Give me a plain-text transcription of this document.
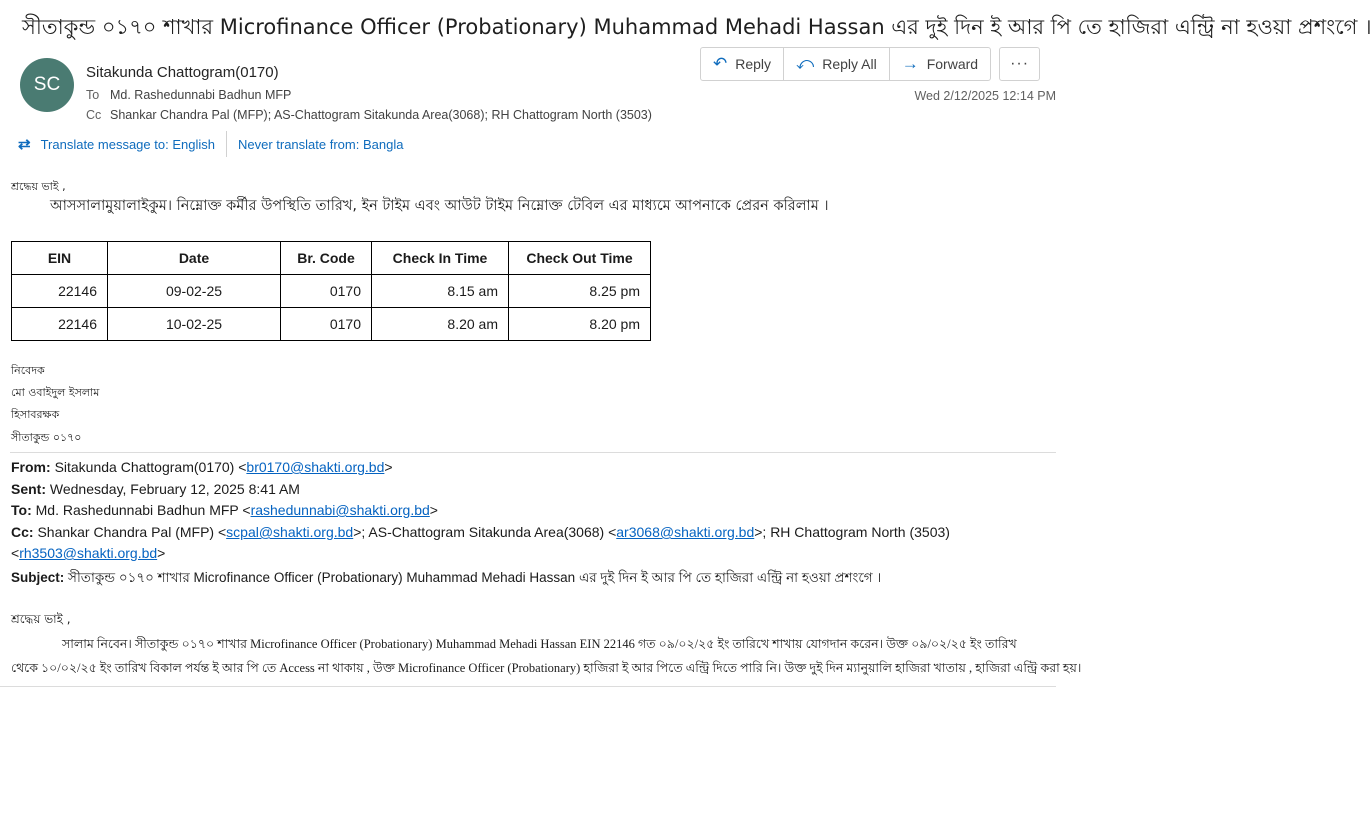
সীতাকুন্ড ০১৭০ শাখার Microfinance Officer (Probationary) Muhammad Mehadi Hassan এর দুই দিন ই আর পি তে হাজিরা এন্ট্রি না হওয়া প্রশংগে ।
SC
Sitakunda Chattogram(0170)
To Md. Rashedunnabi Badhun MFP
Cc Shankar Chandra Pal (MFP); AS-Chattogram Sitakunda Area(3068); RH Chattogram North (3503)
↶ Reply ⤺ Reply All → Forward	···
Wed 2/12/2025 12:14 PM
⇄ Translate message to: English Never translate from: Bangla
শ্রদ্ধেয় ভাই ,
আসসালামুয়ালাইকুম। নিম্নোক্ত কর্মীর উপস্থিতি তারিখ, ইন টাইম এবং আউট টাইম নিম্নোক্ত টেবিল এর মাধ্যমে আপনাকে প্রেরন করিলাম ।
EIN	Date	Br. Code	Check In Time	Check Out Time
22146	09-02-25	0170	8.15 am	8.25 pm
22146	10-02-25	0170	8.20 am	8.20 pm
নিবেদক
মো ওবাইদুল ইসলাম
হিসাবরক্ষক
সীতাকুন্ড ০১৭০
From: Sitakunda Chattogram(0170) <br0170@shakti.org.bd>
Sent: Wednesday, February 12, 2025 8:41 AM
To: Md. Rashedunnabi Badhun MFP <rashedunnabi@shakti.org.bd>
Cc: Shankar Chandra Pal (MFP) <scpal@shakti.org.bd>; AS-Chattogram Sitakunda Area(3068) <ar3068@shakti.org.bd>; RH Chattogram North (3503)
<rh3503@shakti.org.bd>
Subject: সীতাকুন্ড ০১৭০ শাখার Microfinance Officer (Probationary) Muhammad Mehadi Hassan এর দুই দিন ই আর পি তে হাজিরা এন্ট্রি না হওয়া প্রশংগে ।
শ্রদ্ধেয় ভাই ,
সালাম নিবেন। সীতাকুন্ড ০১৭০ শাখার Microfinance Officer (Probationary) Muhammad Mehadi Hassan EIN 22146 গত ০৯/০২/২৫ ইং তারিখে শাখায় যোগদান করেন। উক্ত ০৯/০২/২৫ ইং তারিখ
থেকে ১০/০২/২৫ ইং তারিখ বিকাল পর্যন্ত ই আর পি তে Access না থাকায় , উক্ত Microfinance Officer (Probationary) হাজিরা ই আর পিতে এন্ট্রি দিতে পারি নি। উক্ত দুই দিন ম্যানুয়ালি হাজিরা খাতায় , হাজিরা এন্ট্রি করা হয়।
